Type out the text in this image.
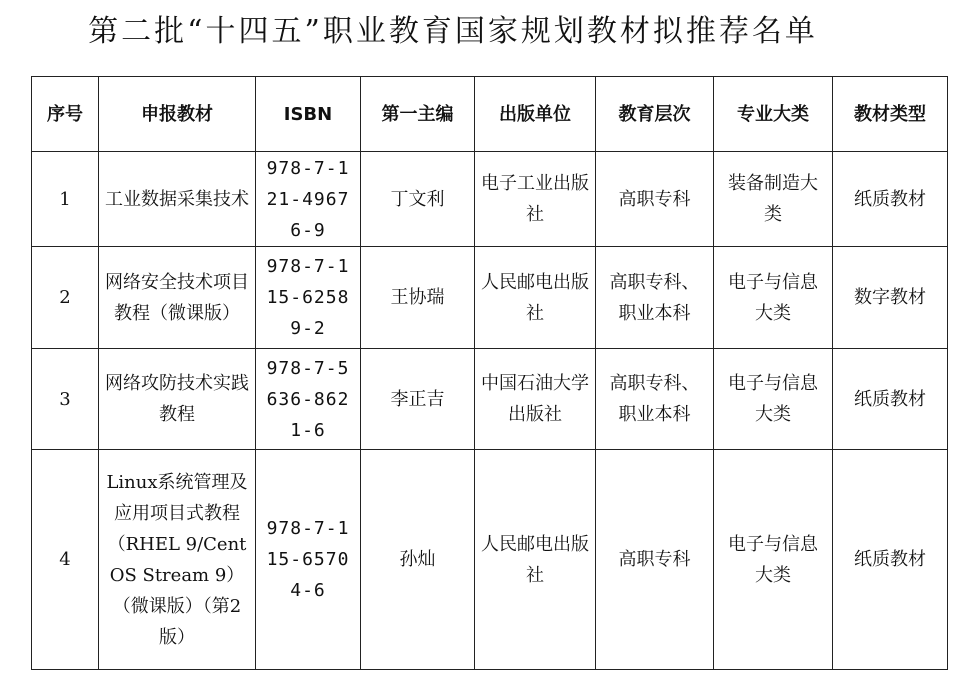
第二批“十四五”职业教育国家规划教材拟推荐名单
序号	申报教材	ISBN	第一主编	出版单位	教育层次	专业大类	教材类型
1	工业数据采集技术	978-7-121-49676-9	丁文利	电子工业出版社	高职专科	装备制造大类	纸质教材
2	网络安全技术项目教程（微课版）	978-7-115-62589-2	王协瑞	人民邮电出版社	高职专科、职业本科	电子与信息大类	数字教材
3	网络攻防技术实践教程	978-7-5636-8621-6	李正吉	中国石油大学出版社	高职专科、职业本科	电子与信息大类	纸质教材
4	Linux系统管理及应用项目式教程（RHEL 9/CentOS Stream 9）（微课版）（第2版）	978-7-115-65704-6	孙灿	人民邮电出版社	高职专科	电子与信息大类	纸质教材
